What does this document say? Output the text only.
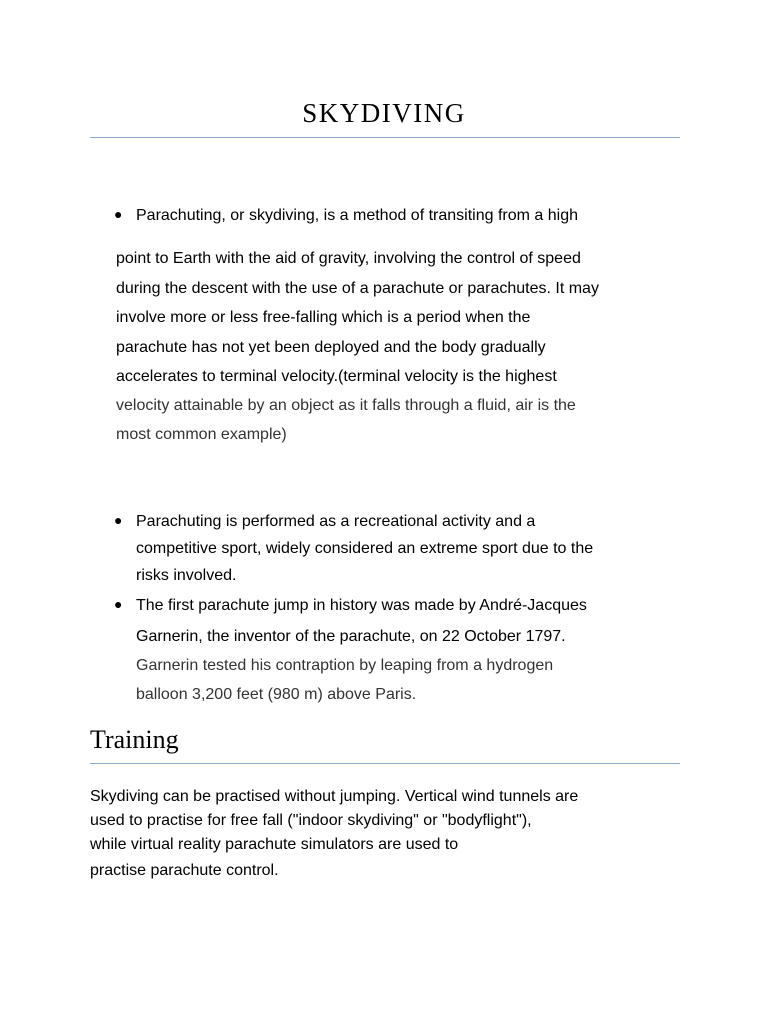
SKYDIVING
● Parachuting, or skydiving, is a method of transiting from a high
point to Earth with the aid of gravity, involving the control of speed
during the descent with the use of a parachute or parachutes. It may
involve more or less free-falling which is a period when the
parachute has not yet been deployed and the body gradually
accelerates to terminal velocity.(terminal velocity is the highest
velocity attainable by an object as it falls through a fluid, air is the
most common example)
● Parachuting is performed as a recreational activity and a
competitive sport, widely considered an extreme sport due to the
risks involved.
● The first parachute jump in history was made by André-Jacques
Garnerin, the inventor of the parachute, on 22 October 1797.
Garnerin tested his contraption by leaping from a hydrogen
balloon 3,200 feet (980 m) above Paris.
Training
Skydiving can be practised without jumping. Vertical wind tunnels are
used to practise for free fall ("indoor skydiving" or "bodyflight"),
while virtual reality parachute simulators are used to
practise parachute control.
